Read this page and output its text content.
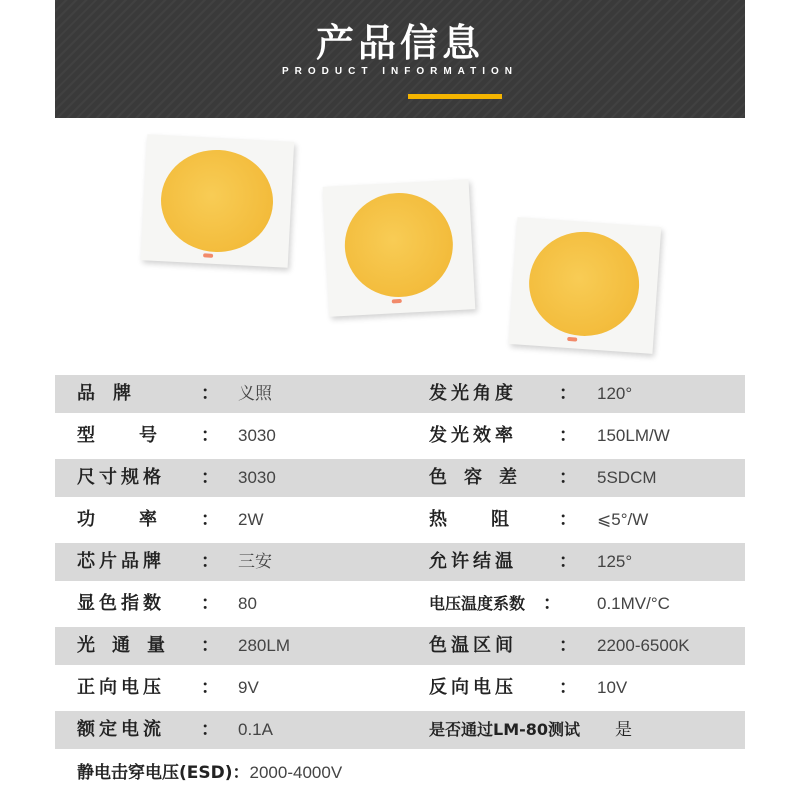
产品信息
PRODUCT INFORMATION
品牌	： 义照	发光角度 ： 120°
型号 ： 3030	发光效率 ： 150LM/W
尺寸规格 ： 3030	色容差 ： 5SDCM
功率 ： 2W	热阻 ： ⩽5°/W
芯片品牌 ： 三安	允许结温 ： 125°
显色指数 ： 80	电压温度系数 ： 0.1MV/°C
光通量 ： 280LM	色温区间 ： 2200-6500K
正向电压 ： 9V	反向电压 ： 10V
额定电流 ： 0.1A	是否通过LM-80测试 是
静电击穿电压(ESD)：2000-4000V
